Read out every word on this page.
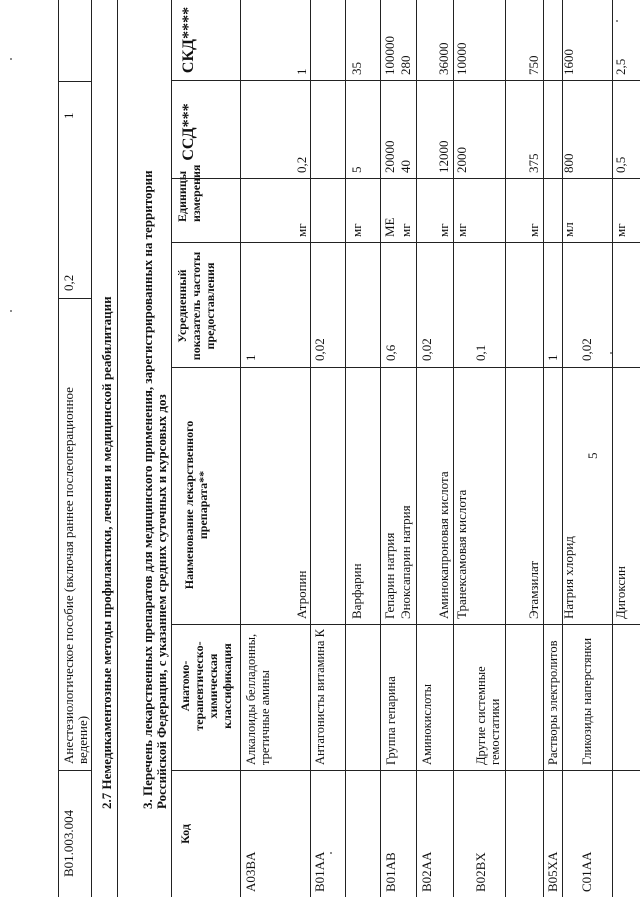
5
B01.003.004
Анестезиологическое пособие (включая раннее послеоперационное ведение)
0,2
1
2.7 Немедикаментозные методы профилактики, лечения и медицинской реабилитации 3. Перечень лекарственных препаратов для медицинского применения, зарегистрированных на территории Российской Федерации, с указанием средних суточных и курсовых доз
Код
Анатомо-терапевтическо-химическая классификация
Наименование лекарственного препарата**
Усредненный показатель частоты предоставления
Единицы измерения
ССД***
СКД****
A03BA
Алкалоиды белладонны, третичные амины
1
Атропин
мг
0,2
1
B01AA
Антагонисты витамина К
0,02
Варфарин
мг
5
35
B01AB
Группа гепарина
0,6
Гепарин натрия
МЕ
20000
100000
Эноксапарин натрия
мг
40
280
B02AA
Аминокислоты
0,02
Аминокапроновая кислота
мг
12000
36000
Транексамовая кислота
мг
2000
10000
B02BX
Другие системные гемостатики
0,1
Этамзилат
мг
375
750
B05XA
Растворы электролитов
1
Натрия хлорид
мл
800
1600
C01AA
Гликозиды наперстянки
0,02
Дигоксин
мг
0,5
2,5
